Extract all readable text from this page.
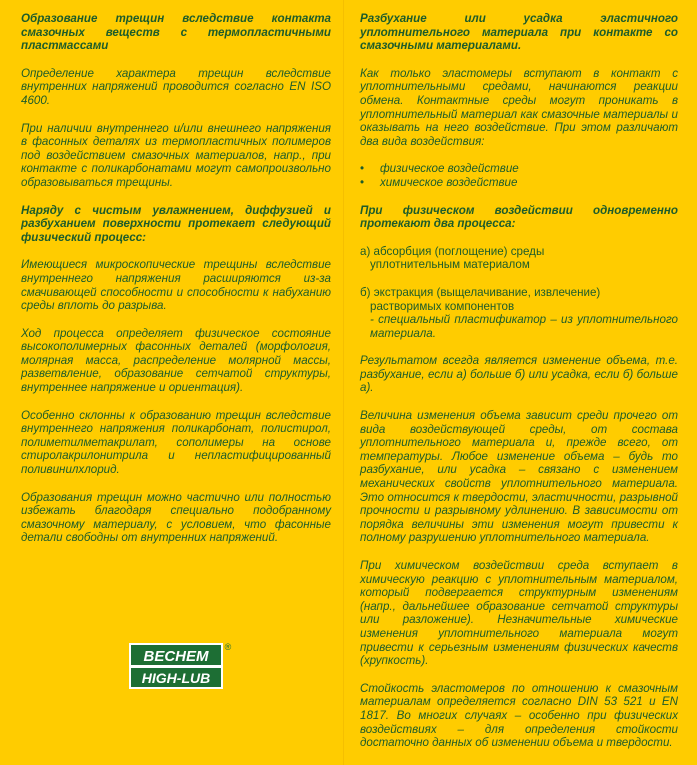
Образование трещин вследствие контакта смазочных веществ с термопластичными пластмассами

Определение характера трещин вследствие внутренних напряжений проводится согласно EN ISO 4600.

При наличии внутреннего и/или внешнего напряжения в фасонных деталях из термопластичных полимеров под воздействием смазочных материалов, напр., при контакте с поликарбонатами могут самопроизвольно образовываться трещины.

Наряду с чистым увлажнением, диффузией и разбуханием поверхности протекает следующий физический процесс:

Имеющиеся микроскопические трещины вследствие внутреннего напряжения расширяются из-за смачивающей способности и способности к набуханию среды вплоть до разрыва.

Ход процесса определяет физическое состояние высокополимерных фасонных деталей (морфология, молярная масса, распределение молярной массы, разветвление, образование сетчатой структуры, внутреннее напряжение и ориентация).

Особенно склонны к образованию трещин вследствие внутреннего напряжения поликарбонат, полистирол, полиметилметакрилат, сополимеры на основе стиролакрилонитрила и непластифицированный поливинилхлорид.

Образования трещин можно частично или полностью избежать благодаря специально подобранному смазочному материалу, с условием, что фасонные детали свободны от внутренних напряжений.

Разбухание или усадка эластичного уплотнительного материала при контакте со смазочными материалами.

Как только эластомеры вступают в контакт с уплотнительными средами, начинаются реакции обмена. Контактные среды могут проникать в уплотнительный материал как смазочные материалы и оказывать на него воздействие. При этом различают два вида воздействия:

• физическое воздействие
• химическое воздействие

При физическом воздействии одновременно протекают два процесса:

а) абсорбция (поглощение) среды

уплотнительным материалом

б) экстракция (выщелачивание, извлечение)

растворимых компонентов
- специальный пластификатор – из уплотнительного материала.

Результатом всегда является изменение объема, т.е. разбухание, если а) больше б) или усадка, если б) больше а).

Величина изменения объема зависит среди прочего от вида воздействующей среды, от состава уплотнительного материала и, прежде всего, от температуры. Любое изменение объема – будь то разбухание, или усадка – связано с изменением механических свойств уплотнительного материала. Это относится к твердости, эластичности, разрывной прочности и разрывному удлинению. В зависимости от порядка величины эти изменения могут привести к полному разрушению уплотнительного материала.

При химическом воздействии среда вступает в химическую реакцию с уплотнительным материалом, который подвергается структурным изменениям (напр., дальнейшее образование сетчатой структуры или разложение). Незначительные химические изменения уплотнительного материала могут привести к серьезным изменениям физических качеств (хрупкость).

Стойкость эластомеров по отношению к смазочным материалам определяется согласно DIN 53 521 и EN 1817. Во многих случаях – особенно при физических воздействиях – для определения стойкости достаточно данных об изменении объема и твердости.

BECHEM
HIGH-LUB
®
